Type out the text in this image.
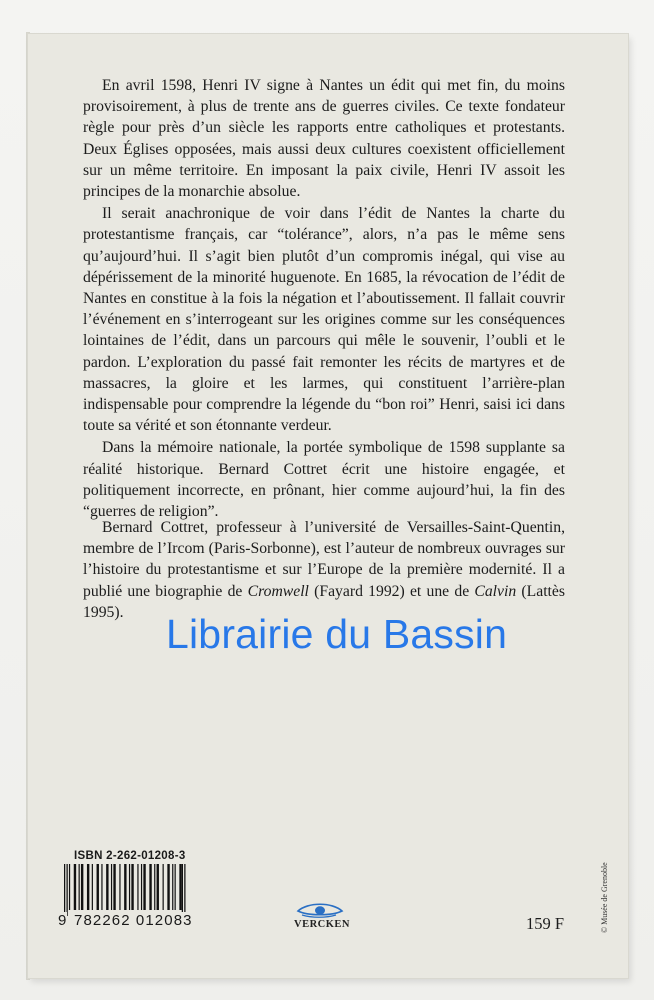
En avril 1598, Henri IV signe à Nantes un édit qui met fin, du moins provisoirement, à plus de trente ans de guerres civiles. Ce texte fondateur règle pour près d’un siècle les rapports entre catholiques et protestants. Deux Églises opposées, mais aussi deux cultures coexistent officiellement sur un même territoire. En imposant la paix civile, Henri IV assoit les principes de la monarchie absolue.

Il serait anachronique de voir dans l’édit de Nantes la charte du protestantisme français, car “tolérance”, alors, n’a pas le même sens qu’aujourd’hui. Il s’agit bien plutôt d’un compromis inégal, qui vise au dépérissement de la minorité huguenote. En 1685, la révocation de l’édit de Nantes en constitue à la fois la négation et l’aboutissement. Il fallait couvrir l’événement en s’interrogeant sur les origines comme sur les conséquences lointaines de l’édit, dans un parcours qui mêle le souvenir, l’oubli et le pardon. L’exploration du passé fait remonter les récits de martyres et de massacres, la gloire et les larmes, qui constituent l’arrière-plan indispensable pour comprendre la légende du “bon roi” Henri, saisi ici dans toute sa vérité et son étonnante verdeur.

Dans la mémoire nationale, la portée symbolique de 1598 supplante sa réalité historique. Bernard Cottret écrit une histoire engagée, et politiquement incorrecte, en prônant, hier comme aujourd’hui, la fin des “guerres de religion”.

Bernard Cottret, professeur à l’université de Versailles-Saint-Quentin, membre de l’Ircom (Paris-Sorbonne), est l’auteur de nombreux ouvrages sur l’histoire du protestantisme et sur l’Europe de la première modernité. Il a publié une biographie de Cromwell (Fayard 1992) et une de Calvin (Lattès 1995).	Librairie du Bassin
ISBN 2-262-01208-3
9 782262 012083	VERCKEN	159 F	© Musée de Grenoble
